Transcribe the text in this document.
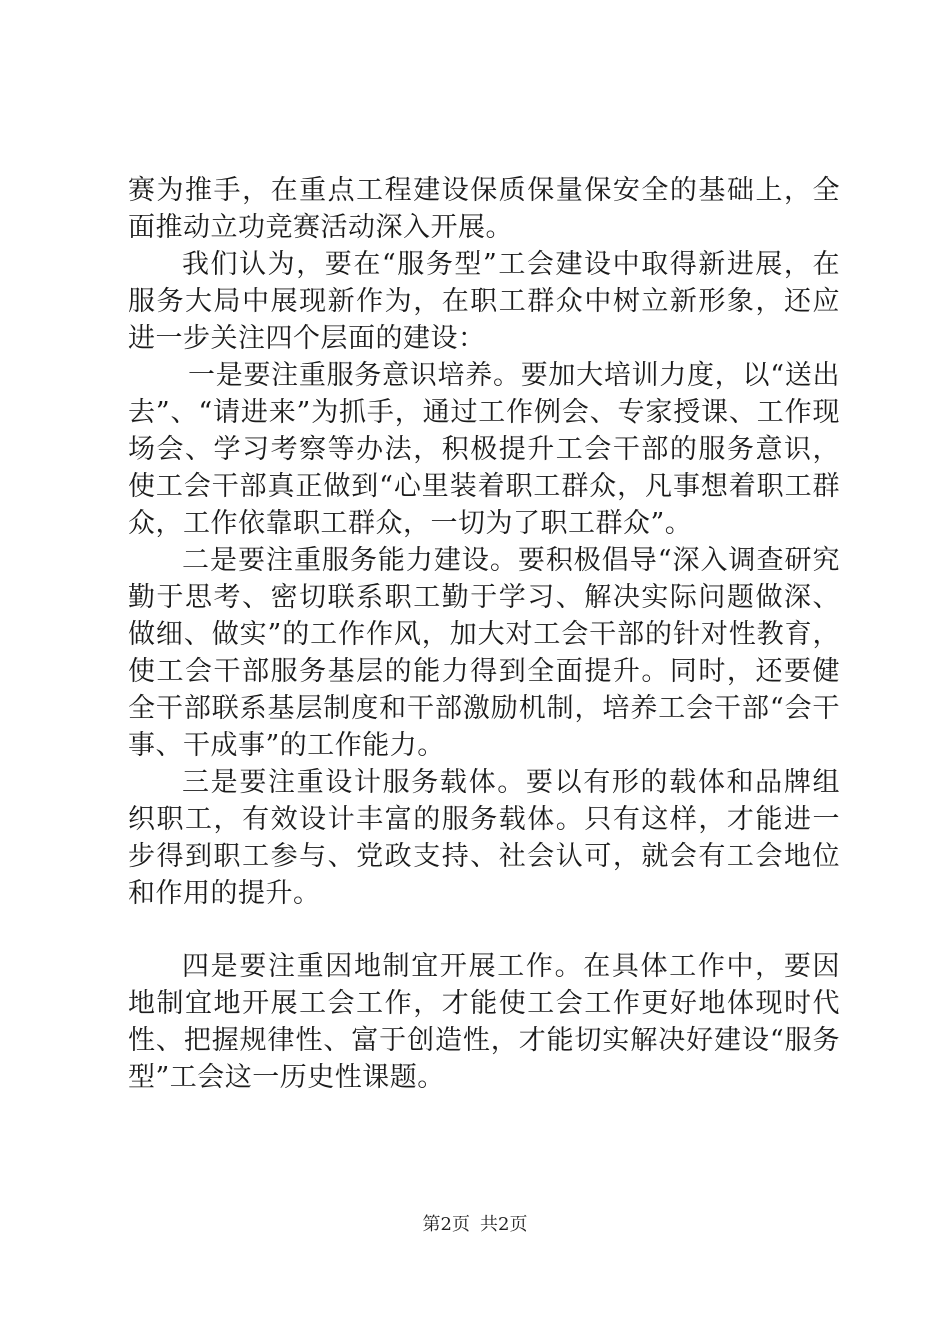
赛为推手，在重点工程建设保质保量保安全的基础上，全面推动立功竞赛活动深入开展。

我们认为，要在“服务型”工会建设中取得新进展，在服务大局中展现新作为，在职工群众中树立新形象，还应进一步关注四个层面的建设：

一是要注重服务意识培养。要加大培训力度，以“送出去”、“请进来”为抓手，通过工作例会、专家授课、工作现场会、学习考察等办法，积极提升工会干部的服务意识，使工会干部真正做到“心里装着职工群众，凡事想着职工群众，工作依靠职工群众，一切为了职工群众”。

二是要注重服务能力建设。要积极倡导“深入调查研究勤于思考、密切联系职工勤于学习、解决实际问题做深、做细、做实”的工作作风，加大对工会干部的针对性教育，使工会干部服务基层的能力得到全面提升。同时，还要健全干部联系基层制度和干部激励机制，培养工会干部“会干事、干成事”的工作能力。

三是要注重设计服务载体。要以有形的载体和品牌组织职工，有效设计丰富的服务载体。只有这样，才能进一步得到职工参与、党政支持、社会认可，就会有工会地位和作用的提升。

四是要注重因地制宜开展工作。在具体工作中，要因地制宜地开展工会工作，才能使工会工作更好地体现时代性、把握规律性、富于创造性，才能切实解决好建设“服务型”工会这一历史性课题。

第2页 共2页
